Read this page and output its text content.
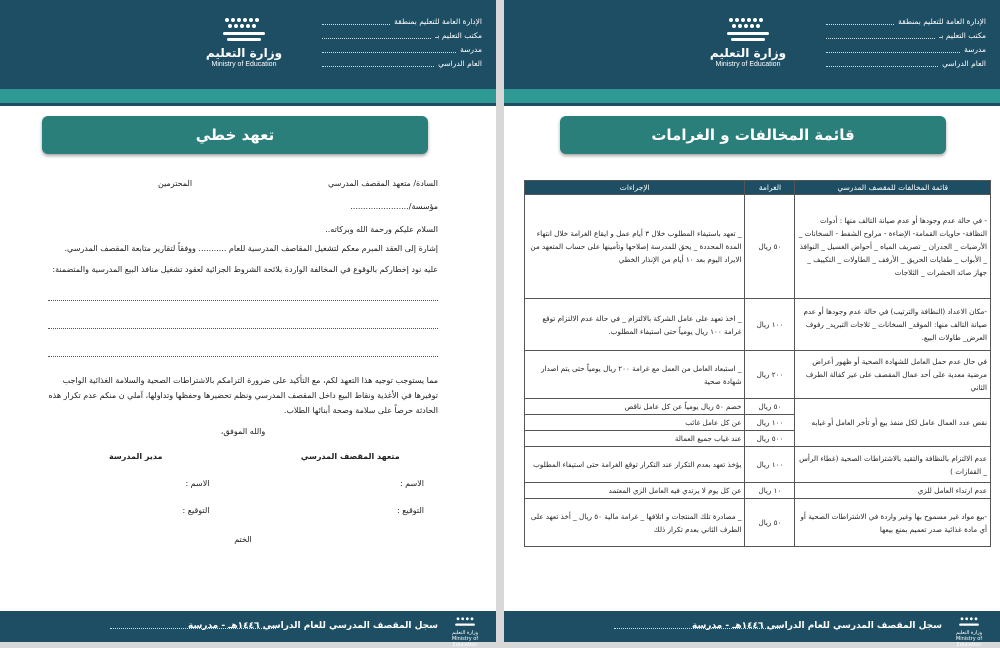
وزارة التعليم
Ministry of Education
الإدارة العامة للتعليم بمنطقة
مكتب التعليم بـ
مدرسة
العام الدراسي
تعهد خطي
السادة/ متعهد المقصف المدرسي
المحترمين
مؤسسة/.......................
السلام عليكم ورحمة الله وبركاته..
إشارة إلى العقد المبرم معكم لتشغيل المقاصف المدرسية للعام ........... ووفقاً لتقارير متابعة المقصف المدرسي.
عليه نود إخطاركم بالوقوع في المخالفة الواردة بلائحة الشروط الجزائية لعقود تشغيل منافذ البيع المدرسية والمتضمنة:
مما يستوجب توجيه هذا التعهد لكم، مع التأكيد على ضرورة التزامكم بالاشتراطات الصحية والسلامة الغذائية الواجب توفيرها في الأغذية ونقاط البيع داخل المقصف المدرسي ونظم تحضيرها وحفظها وتداولها، آملي ن منكم عدم تكرار هذه الحادثة حرصاً على سلامة وصحة أبنائها الطلاب.
والله الموفق،
متعهد المقصف المدرسي
الاسم :
التوقيع :
مدير المدرسة
الاسم :
التوقيع :
الختم
وزارة التعليم
Ministry of Education
سجل المقصف المدرسي للعام الدراسي ١٤٤٦هـ - مدرسة
وزارة التعليم
Ministry of Education
الإدارة العامة للتعليم بمنطقة
مكتب التعليم بـ
مدرسة
العام الدراسي
قائمة المخالفات و الغرامات
قائمة المخالفات للمقصف المدرسي	الغرامة	الإجراءات
- في حالة عدم وجودها أو عدم صيانة التالف منها : أدوات النظافة- حاويات القمامة- الإضاءة - مراوح الشفط - السخانات _ الأرضيات _ الجدران _ تصريف المياه _ أحواض الغسيل _ النوافذ _ الأبواب _ طفايات الحريق _ الأرفف _ الطاولات _ التكييف _ جهاز صائد الحشرات _ الثلاجات	٥٠ ريال	_ تعهد باستيفاء المطلوب خلال ٣ أيام عمل و ايقاع الغرامة خلال انتهاء المدة المحددة _ يحق للمدرسة إصلاحها وتأمينها على حساب المتعهد من الايراد اليوم بعد ١٠ أيام من الإنذار الخطي
-مكان الاعداد (النظافة والترتيب) في حالة عدم وجودها أو عدم صيانة التالف منها: الموقد_ السخانات _ ثلاجات التبريد_ رفوف العرض_ طاولات البيع.	١٠٠ ريال	_ اخذ تعهد على عامل الشركة بالالتزام _ في حالة عدم الالتزام توقع غرامة ١٠٠ ريال يومياً حتى استيفاء المطلوب.
في حال عدم حمل العامل للشهادة الصحية أو ظهور أعراض مرضية معدية على أحد عمال المقصف على غير كفالة الطرف الثاني	٢٠٠ ريال	_ استبعاد العامل من العمل مع غرامة ٢٠٠ ريال يومياً حتى يتم اصدار شهادة صحية
نقص عدد العمال عامل لكل منفذ بيع أو تأخر العامل أو غيابه	٥٠ ريال	خصم ٥٠ ريال يومياً عن كل عامل ناقص
	١٠٠ ريال	عن كل عامل غائب
	٥٠٠ ريال	عند غياب جميع العمالة
عدم الالتزام بالنظافة والتقيد بالاشتراطات الصحية (غطاء الرأس _ القفازات )	١٠٠ ريال	يؤخذ تعهد بعدم التكرار عند التكرار توقع الغرامة حتى استيفاء المطلوب
عدم ارتداء العامل للزي	١٠ ريال	عن كل يوم لا يرتدي فيه العامل الزي المعتمد
-بيع مواد غير مسموح بها وغير واردة في الاشتراطات الصحية أو أي مادة غذائية صدر تعميم بمنع بيعها	٥٠ ريال	_ مصادرة تلك المنتجات و اتلافها _ غرامة مالية ٥٠ ريال _ أخذ تعهد على الطرف الثاني بعدم تكرار ذلك
وزارة التعليم
Ministry of Education
سجل المقصف المدرسي للعام الدراسي ١٤٤٦هـ - مدرسة
